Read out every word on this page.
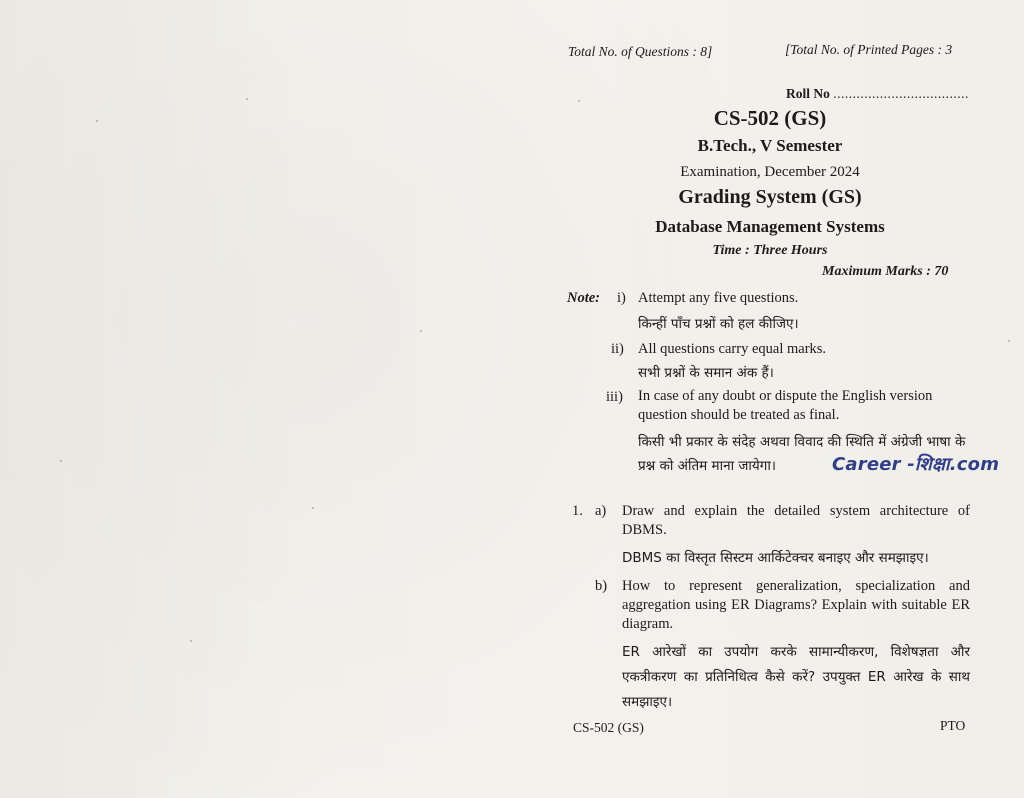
Total No. of Questions : 8]	[Total No. of Printed Pages : 3
Roll No ...................................
CS-502 (GS)
B.Tech., V Semester
Examination, December 2024
Grading System (GS)
Database Management Systems
Time : Three Hours
Maximum Marks : 70
Note: i) Attempt any five questions.
किन्हीं पाँच प्रश्नों को हल कीजिए।
ii) All questions carry equal marks.
सभी प्रश्नों के समान अंक हैं।
iii) In case of any doubt or dispute the English version question should be treated as final.
किसी भी प्रकार के संदेह अथवा विवाद की स्थिति में अंग्रेजी भाषा के प्रश्न को अंतिम माना जायेगा।	Career -शिक्षा.com
1. a) Draw and explain the detailed system architecture of DBMS.
DBMS का विस्तृत सिस्टम आर्किटेक्चर बनाइए और समझाइए।
b) How to represent generalization, specialization and aggregation using ER Diagrams? Explain with suitable ER diagram.
ER आरेखों का उपयोग करके सामान्यीकरण, विशेषज्ञता और एकत्रीकरण का प्रतिनिधित्व कैसे करें? उपयुक्त ER आरेख के साथ समझाइए।
CS-502 (GS)	PTO
